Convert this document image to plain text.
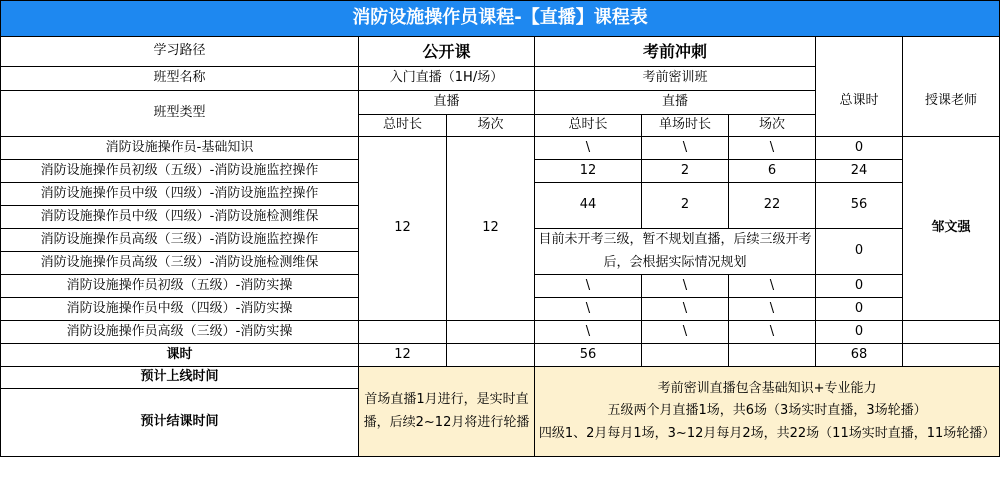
消防设施操作员课程-【直播】课程表							
学习路径	公开课		考前冲刺				
班型名称	入门直播（1H/场）		考前密训班			总课时	授课老师
班型类型	直播		直播				
	总时长	场次	总时长	单场时长	场次		
消防设施操作员-基础知识	12	12	\	\	\	0	邹文强
消防设施操作员初级（五级）-消防设施监控操作			12	2	6	24	
消防设施操作员中级（四级）-消防设施监控操作			44	2	22	56	
消防设施操作员中级（四级）-消防设施检测维保							
消防设施操作员高级（三级）-消防设施监控操作			目前未开考三级，暂不规划直播，后续三级开考后，会根据实际情况规划			0	
消防设施操作员高级（三级）-消防设施检测维保							
消防设施操作员初级（五级）-消防实操			\	\	\	0	
消防设施操作员中级（四级）-消防实操			\	\	\	0	
消防设施操作员高级（三级）-消防实操			\	\	\	0	
课时	12		56			68	
预计上线时间	首场直播1月进行，是实时直播，后续2~12月将进行轮播		考前密训直播包含基础知识+专业能力
五级两个月直播1场，共6场（3场实时直播，3场轮播）
四级1、2月每月1场，3~12月每月2场，共22场（11场实时直播，11场轮播）				

预计结课时间							
